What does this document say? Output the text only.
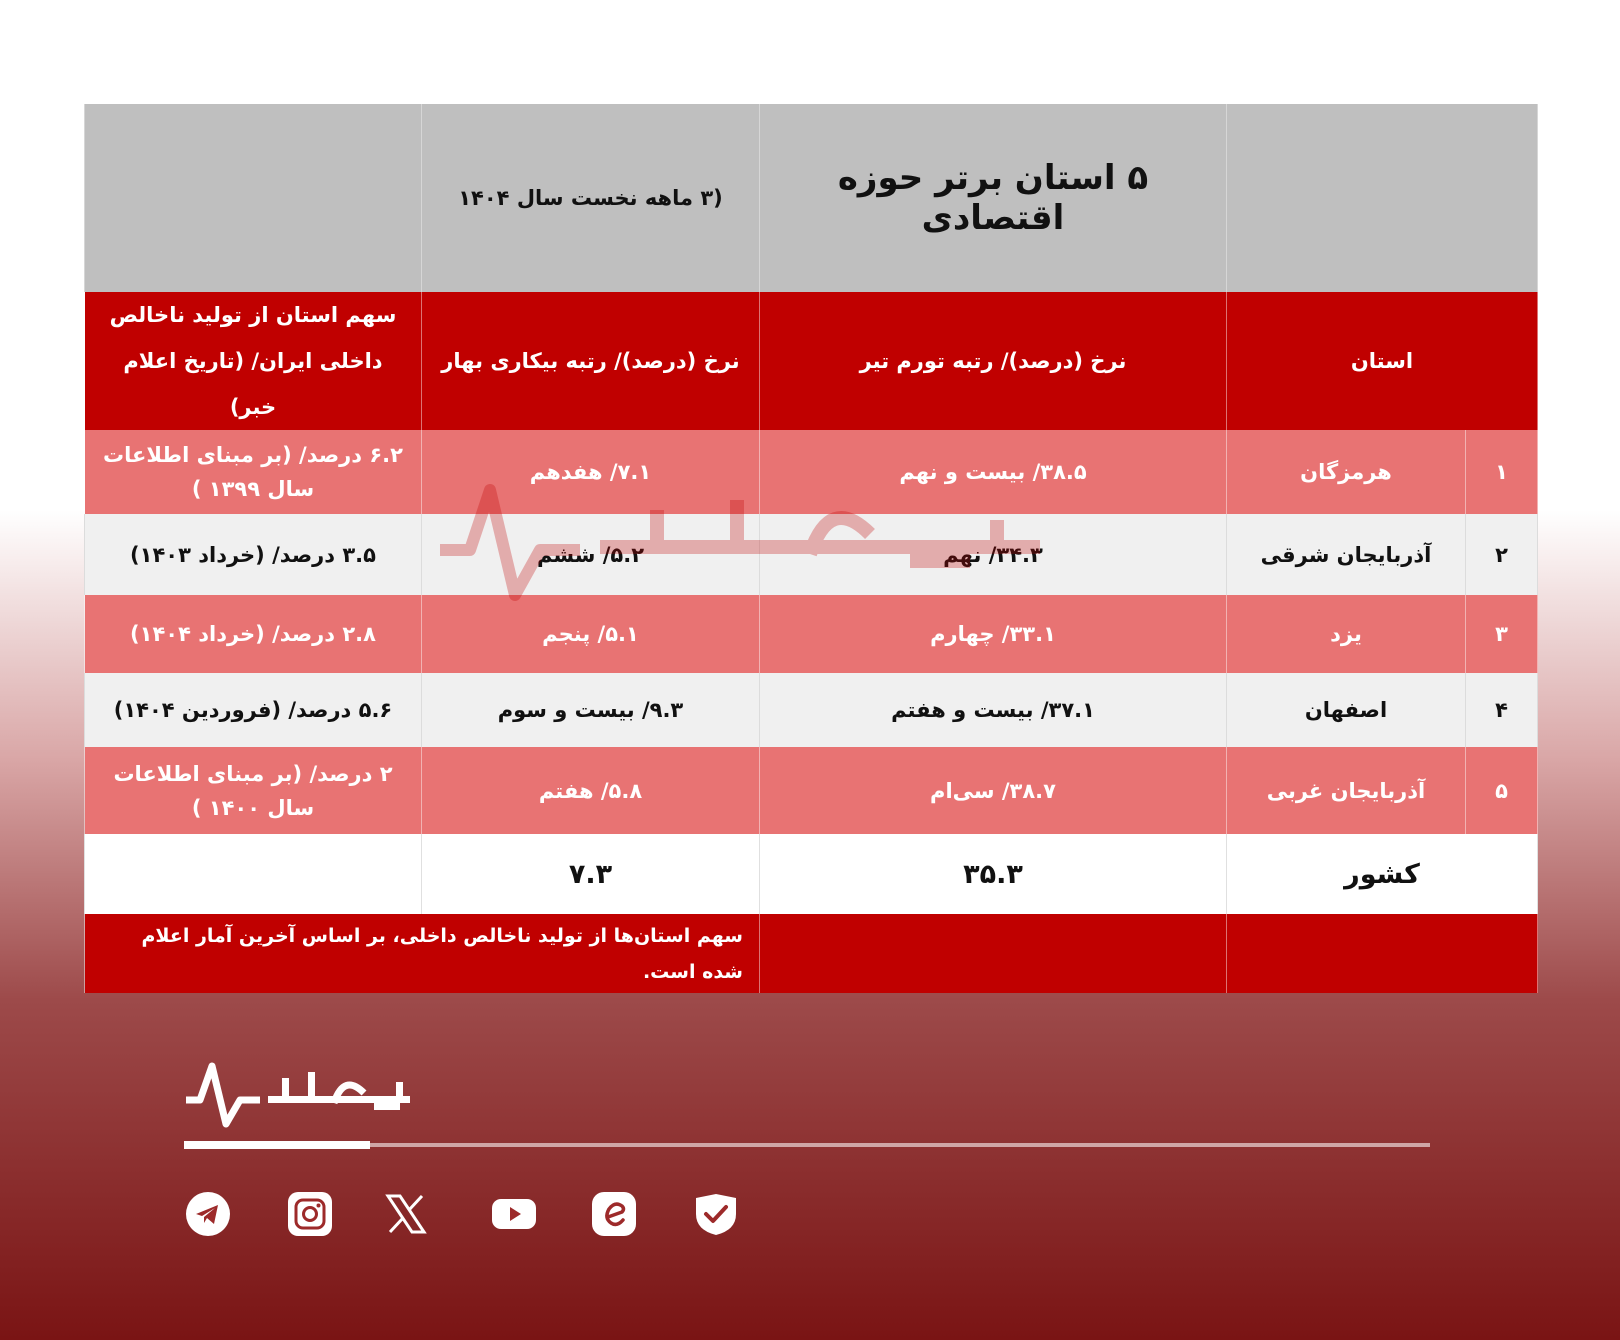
		۵ استان برتر حوزه اقتصادی	(۳ ماهه نخست سال ۱۴۰۴	
استان		نرخ (درصد)/ رتبه تورم تیر	نرخ (درصد)/ رتبه بیکاری بهار	سهم استان از تولید ناخالص داخلی ایران/ (تاریخ اعلام خبر)
۱	هرمزگان	۳۸.۵/ بیست و نهم	۷.۱/ هفدهم	۶.۲ درصد/ (بر مبنای اطلاعات سال ۱۳۹۹ )
۲	آذربایجان شرقی	۳۴.۳/ نهم	۵.۲/ ششم	۳.۵ درصد/ (خرداد ۱۴۰۳)
۳	یزد	۳۳.۱/ چهارم	۵.۱/ پنجم	۲.۸ درصد/ (خرداد ۱۴۰۴)
۴	اصفهان	۳۷.۱/ بیست و هفتم	۹.۳/ بیست و سوم	۵.۶ درصد/ (فروردین ۱۴۰۴)
۵	آذربایجان غربی	۳۸.۷/ سی‌ام	۵.۸/ هفتم	۲ درصد/ (بر مبنای اطلاعات سال ۱۴۰۰ )
کشور		۳۵.۳	۷.۳	
			سهم استان‌ها از تولید ناخالص داخلی، بر اساس آخرین آمار اعلام شده است.	
